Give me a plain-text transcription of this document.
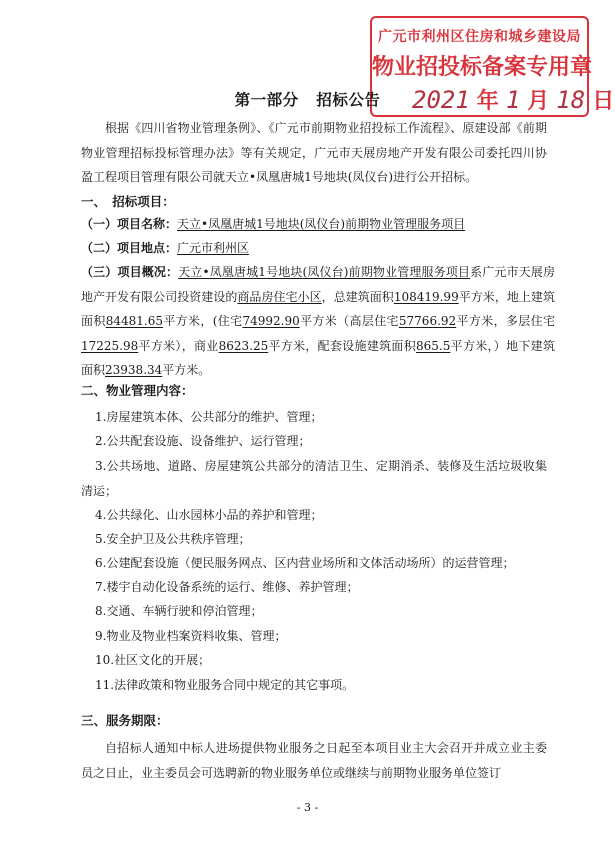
广元市利州区住房和城乡建设局
物业招投标备案专用章
2021 年 1 月 18 日
第一部分 招标公告
根据《四川省物业管理条例》、《广元市前期物业招投标工作流程》、原建设部《前期物业管理招标投标管理办法》等有关规定，广元市天展房地产开发有限公司委托四川协盈工程项目管理有限公司就天立•凤凰唐城1号地块(凤仪台)进行公开招标。
一、　招标项目：
（一）项目名称：天立•凤凰唐城1号地块(凤仪台)前期物业管理服务项目
（二）项目地点：广元市利州区
（三）项目概况：天立•凤凰唐城1号地块(凤仪台)前期物业管理服务项目系广元市天展房地产开发有限公司投资建设的商品房住宅小区，总建筑面积108419.99平方米，地上建筑面积84481.65平方米，(住宅74992.90平方米（高层住宅57766.92平方米，多层住宅17225.98平方米），商业8623.25平方米，配套设施建筑面积865.5平方米，）地下建筑面积23938.34平方米。
二、物业管理内容：
1.房屋建筑本体、公共部分的维护、管理；
2.公共配套设施、设备维护、运行管理；
3.公共场地、道路、房屋建筑公共部分的清洁卫生、定期消杀、装修及生活垃圾收集清运；
4.公共绿化、山水园林小品的养护和管理；
5.安全护卫及公共秩序管理；
6.公建配套设施（便民服务网点、区内营业场所和文体活动场所）的运营管理；
7.楼宇自动化设备系统的运行、维修、养护管理；
8.交通、车辆行驶和停泊管理；
9.物业及物业档案资料收集、管理；
10.社区文化的开展；
11.法律政策和物业服务合同中规定的其它事项。
三、服务期限：
自招标人通知中标人进场提供物业服务之日起至本项目业主大会召开并成立业主委员之日止，业主委员会可选聘新的物业服务单位或继续与前期物业服务单位签订
- 3 -
